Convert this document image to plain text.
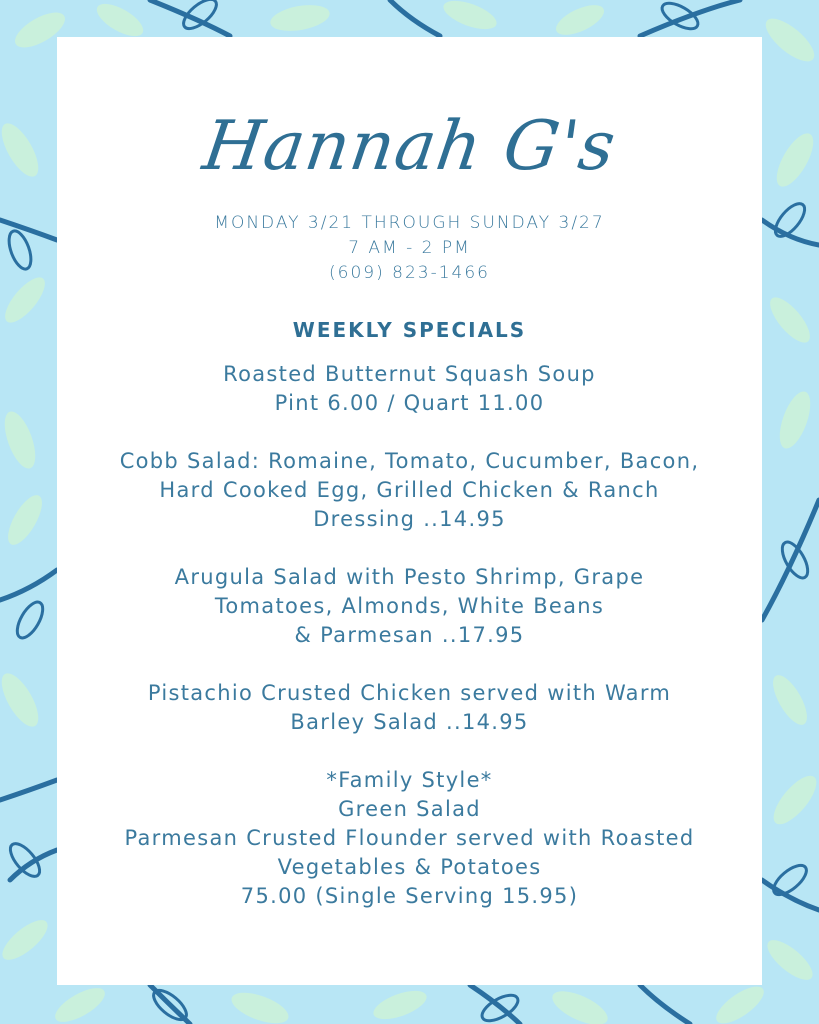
Hannah G's
MONDAY 3/21 THROUGH SUNDAY 3/27
7 AM - 2 PM
(609) 823-1466
WEEKLY SPECIALS
Roasted Butternut Squash Soup
Pint 6.00 / Quart 11.00
Cobb Salad: Romaine, Tomato, Cucumber, Bacon,
Hard Cooked Egg, Grilled Chicken & Ranch
Dressing ..14.95
Arugula Salad with Pesto Shrimp, Grape
Tomatoes, Almonds, White Beans
& Parmesan ..17.95
Pistachio Crusted Chicken served with Warm
Barley Salad ..14.95
*Family Style*
Green Salad
Parmesan Crusted Flounder served with Roasted
Vegetables & Potatoes
75.00 (Single Serving 15.95)
